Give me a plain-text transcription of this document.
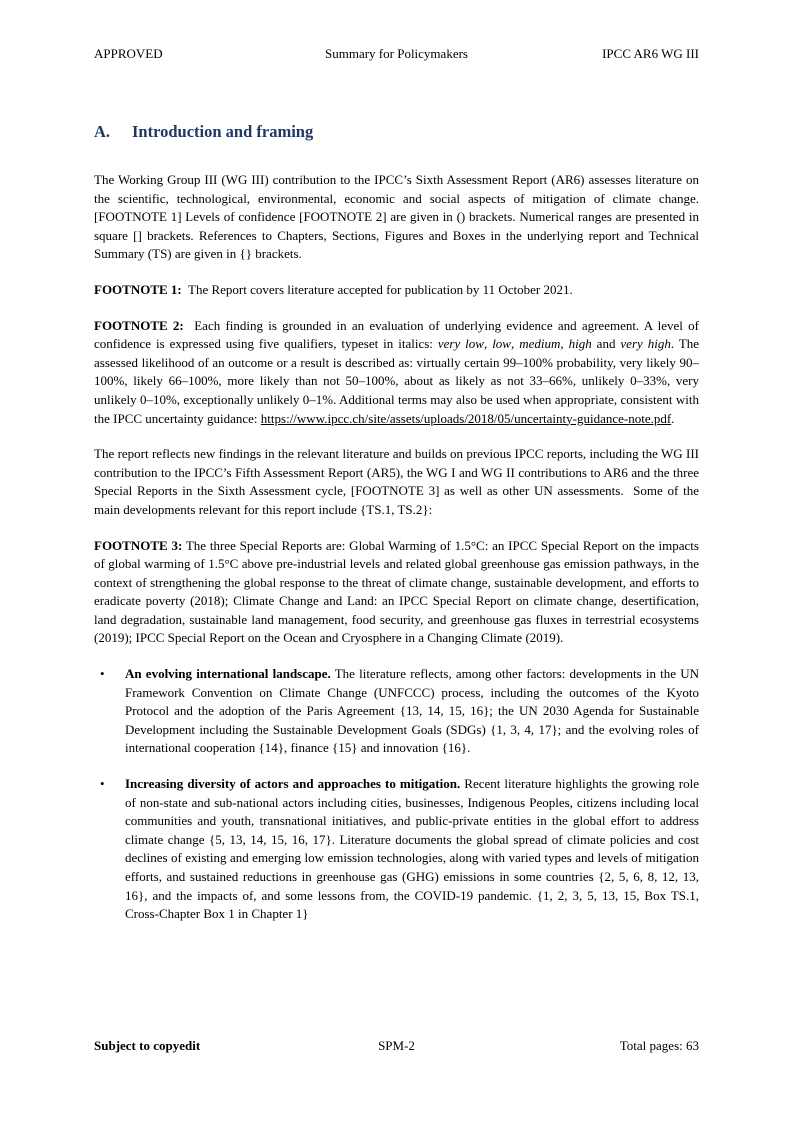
APPROVED	Summary for Policymakers	IPCC AR6 WG III
A. Introduction and framing

The Working Group III (WG III) contribution to the IPCC’s Sixth Assessment Report (AR6) assesses literature on the scientific, technological, environmental, economic and social aspects of mitigation of climate change. [FOOTNOTE 1] Levels of confidence [FOOTNOTE 2] are given in () brackets. Numerical ranges are presented in square [] brackets. References to Chapters, Sections, Figures and Boxes in the underlying report and Technical Summary (TS) are given in {} brackets.

FOOTNOTE 1:  The Report covers literature accepted for publication by 11 October 2021.

FOOTNOTE 2:  Each finding is grounded in an evaluation of underlying evidence and agreement. A level of confidence is expressed using five qualifiers, typeset in italics: very low, low, medium, high and very high. The assessed likelihood of an outcome or a result is described as: virtually certain 99–100% probability, very likely 90–100%, likely 66–100%, more likely than not 50–100%, about as likely as not 33–66%, unlikely 0–33%, very unlikely 0–10%, exceptionally unlikely 0–1%. Additional terms may also be used when appropriate, consistent with the IPCC uncertainty guidance: https://www.ipcc.ch/site/assets/uploads/2018/05/uncertainty-guidance-note.pdf.

The report reflects new findings in the relevant literature and builds on previous IPCC reports, including the WG III contribution to the IPCC’s Fifth Assessment Report (AR5), the WG I and WG II contributions to AR6 and the three Special Reports in the Sixth Assessment cycle, [FOOTNOTE 3] as well as other UN assessments.  Some of the main developments relevant for this report include {TS.1, TS.2}:

FOOTNOTE 3: The three Special Reports are: Global Warming of 1.5°C: an IPCC Special Report on the impacts of global warming of 1.5°C above pre-industrial levels and related global greenhouse gas emission pathways, in the context of strengthening the global response to the threat of climate change, sustainable development, and efforts to eradicate poverty (2018); Climate Change and Land: an IPCC Special Report on climate change, desertification, land degradation, sustainable land management, food security, and greenhouse gas fluxes in terrestrial ecosystems (2019); IPCC Special Report on the Ocean and Cryosphere in a Changing Climate (2019).

• An evolving international landscape. The literature reflects, among other factors: developments in the UN Framework Convention on Climate Change (UNFCCC) process, including the outcomes of the Kyoto Protocol and the adoption of the Paris Agreement {13, 14, 15, 16}; the UN 2030 Agenda for Sustainable Development including the Sustainable Development Goals (SDGs) {1, 3, 4, 17}; and the evolving roles of international cooperation {14}, finance {15} and innovation {16}.
• Increasing diversity of actors and approaches to mitigation. Recent literature highlights the growing role of non-state and sub-national actors including cities, businesses, Indigenous Peoples, citizens including local communities and youth, transnational initiatives, and public-private entities in the global effort to address climate change {5, 13, 14, 15, 16, 17}. Literature documents the global spread of climate policies and cost declines of existing and emerging low emission technologies, along with varied types and levels of mitigation efforts, and sustained reductions in greenhouse gas (GHG) emissions in some countries {2, 5, 6, 8, 12, 13, 16}, and the impacts of, and some lessons from, the COVID-19 pandemic. {1, 2, 3, 5, 13, 15, Box TS.1, Cross-Chapter Box 1 in Chapter 1}
Subject to copyedit	SPM-2	Total pages: 63
